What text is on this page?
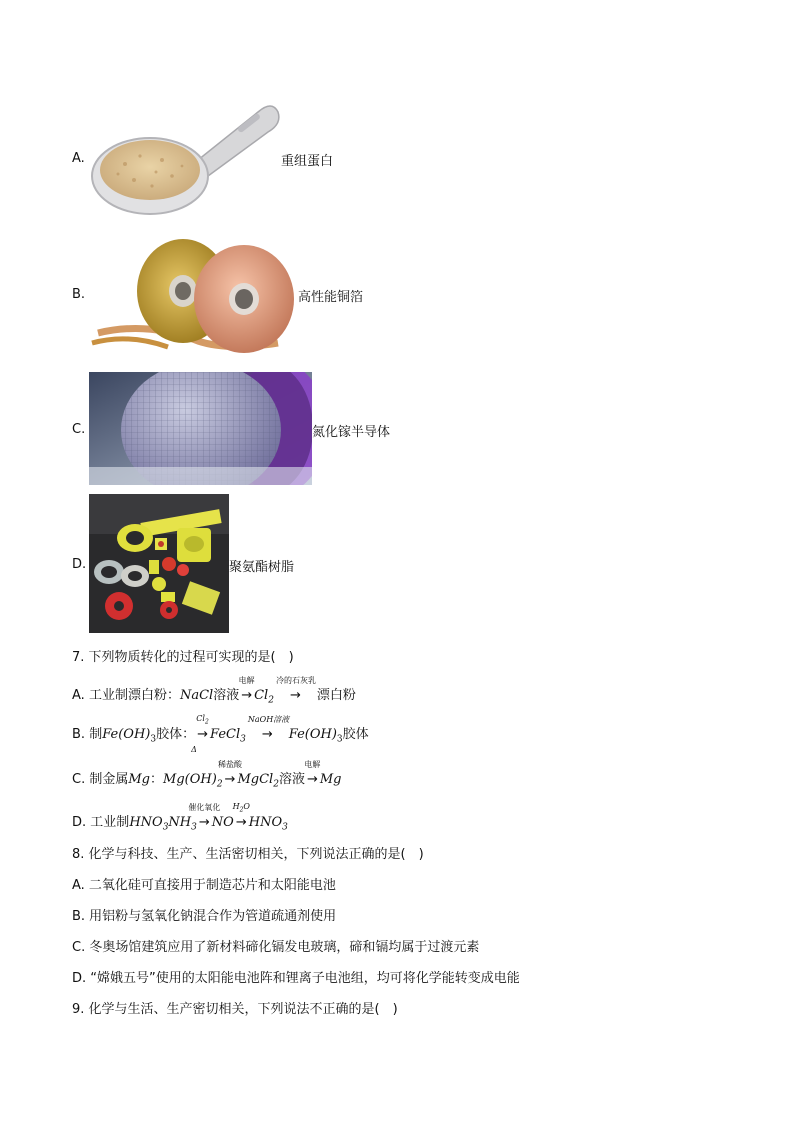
A.	重组蛋白
B.	高性能铜箔
C.	氮化镓半导体
D.	聚氨酯树脂
7. 下列物质转化的过程可实现的是(　)
A. 工业制漂白粉：NaCl溶液
电解
→ $Cl_2$
冷的石灰乳
→ 漂白粉
B. 制$Fe(OH)_3$胶体：
$Cl_2$
→
Δ
FeCl$_3$
NaOH溶液
→ $Fe(OH)_3$胶体
C. 制金属Mg：$Mg(OH)_2$
稀盐酸
→ MgCl$_2$溶液
电解
→ Mg
D. 工业制$HNO_3NH_3$
催化氧化
→ NO
$H_2O$
→ $HNO_3$
8. 化学与科技、生产、生活密切相关，下列说法正确的是(　)
A. 二氧化硅可直接用于制造芯片和太阳能电池
B. 用铝粉与氢氧化钠混合作为管道疏通剂使用
C. 冬奥场馆建筑应用了新材料碲化镉发电玻璃，碲和镉均属于过渡元素
D. “嫦娥五号”使用的太阳能电池阵和锂离子电池组，均可将化学能转变成电能
9. 化学与生活、生产密切相关，下列说法不正确的是(　)
